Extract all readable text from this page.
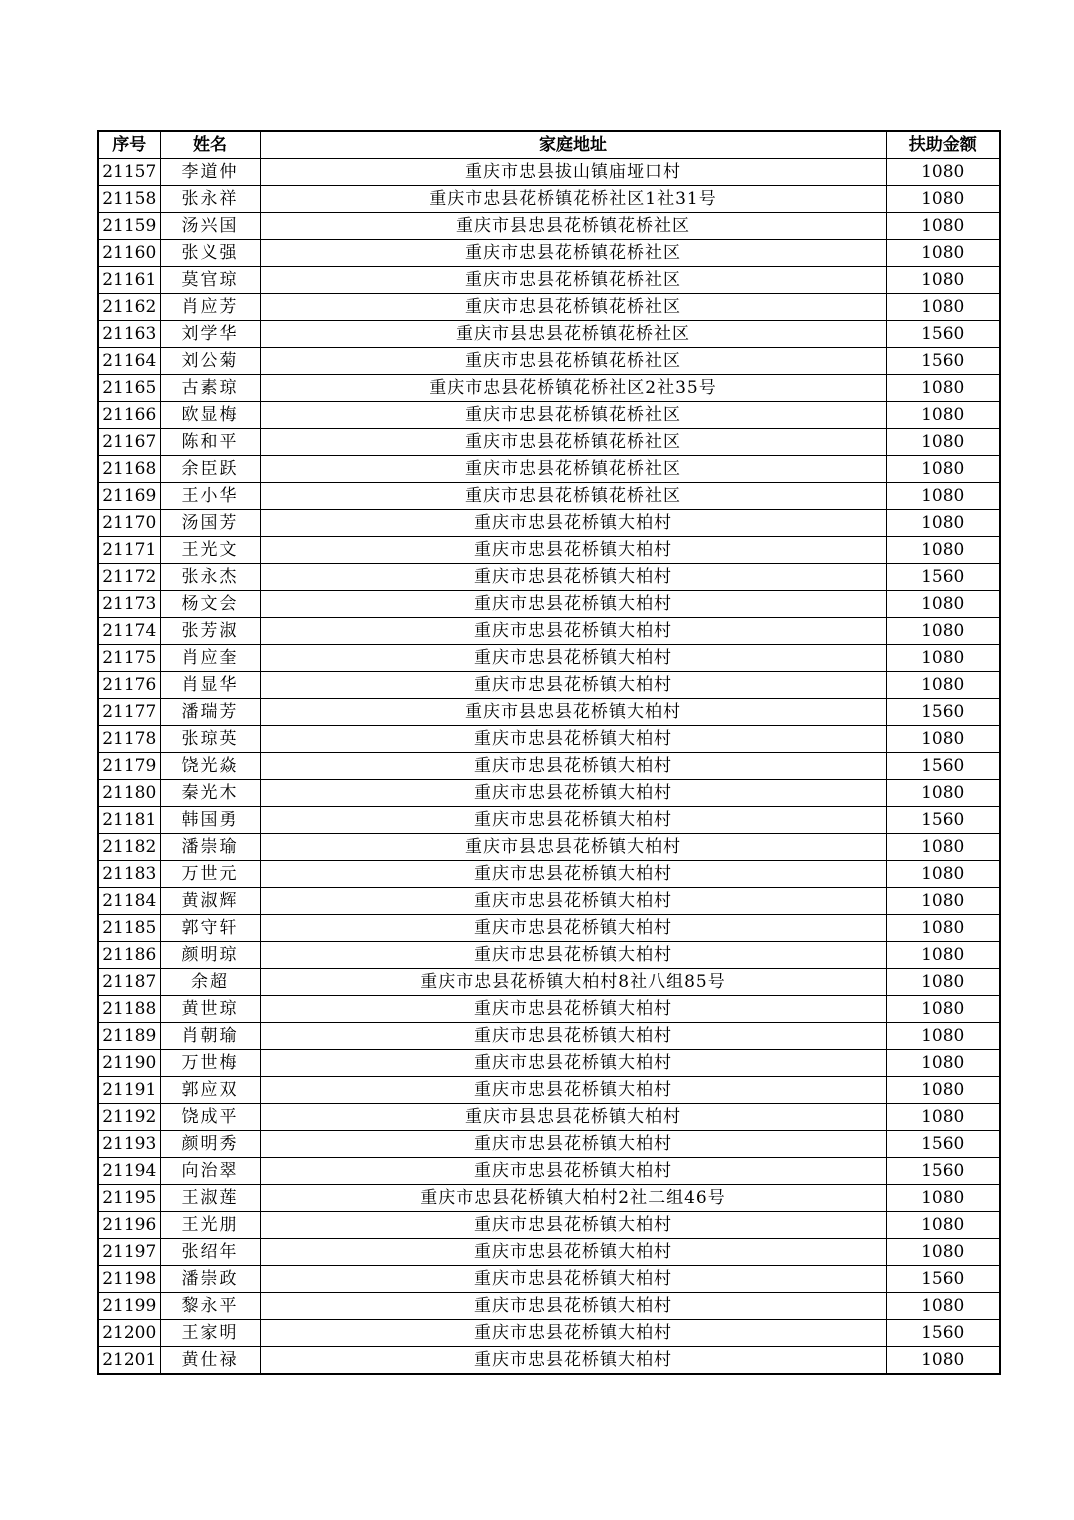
序号	姓名	家庭地址	扶助金额
21157	李道仲	重庆市忠县拔山镇庙垭口村	1080
21158	张永祥	重庆市忠县花桥镇花桥社区1社31号	1080
21159	汤兴国	重庆市县忠县花桥镇花桥社区	1080
21160	张义强	重庆市忠县花桥镇花桥社区	1080
21161	莫官琼	重庆市忠县花桥镇花桥社区	1080
21162	肖应芳	重庆市忠县花桥镇花桥社区	1080
21163	刘学华	重庆市县忠县花桥镇花桥社区	1560
21164	刘公菊	重庆市忠县花桥镇花桥社区	1560
21165	古素琼	重庆市忠县花桥镇花桥社区2社35号	1080
21166	欧显梅	重庆市忠县花桥镇花桥社区	1080
21167	陈和平	重庆市忠县花桥镇花桥社区	1080
21168	余臣跃	重庆市忠县花桥镇花桥社区	1080
21169	王小华	重庆市忠县花桥镇花桥社区	1080
21170	汤国芳	重庆市忠县花桥镇大柏村	1080
21171	王光文	重庆市忠县花桥镇大柏村	1080
21172	张永杰	重庆市忠县花桥镇大柏村	1560
21173	杨文会	重庆市忠县花桥镇大柏村	1080
21174	张芳淑	重庆市忠县花桥镇大柏村	1080
21175	肖应奎	重庆市忠县花桥镇大柏村	1080
21176	肖显华	重庆市忠县花桥镇大柏村	1080
21177	潘瑞芳	重庆市县忠县花桥镇大柏村	1560
21178	张琼英	重庆市忠县花桥镇大柏村	1080
21179	饶光焱	重庆市忠县花桥镇大柏村	1560
21180	秦光木	重庆市忠县花桥镇大柏村	1080
21181	韩国勇	重庆市忠县花桥镇大柏村	1560
21182	潘崇瑜	重庆市县忠县花桥镇大柏村	1080
21183	万世元	重庆市忠县花桥镇大柏村	1080
21184	黄淑辉	重庆市忠县花桥镇大柏村	1080
21185	郭守轩	重庆市忠县花桥镇大柏村	1080
21186	颜明琼	重庆市忠县花桥镇大柏村	1080
21187	余超	重庆市忠县花桥镇大柏村8社八组85号	1080
21188	黄世琼	重庆市忠县花桥镇大柏村	1080
21189	肖朝瑜	重庆市忠县花桥镇大柏村	1080
21190	万世梅	重庆市忠县花桥镇大柏村	1080
21191	郭应双	重庆市忠县花桥镇大柏村	1080
21192	饶成平	重庆市县忠县花桥镇大柏村	1080
21193	颜明秀	重庆市忠县花桥镇大柏村	1560
21194	向治翠	重庆市忠县花桥镇大柏村	1560
21195	王淑莲	重庆市忠县花桥镇大柏村2社二组46号	1080
21196	王光朋	重庆市忠县花桥镇大柏村	1080
21197	张绍年	重庆市忠县花桥镇大柏村	1080
21198	潘崇政	重庆市忠县花桥镇大柏村	1560
21199	黎永平	重庆市忠县花桥镇大柏村	1080
21200	王家明	重庆市忠县花桥镇大柏村	1560
21201	黄仕禄	重庆市忠县花桥镇大柏村	1080
